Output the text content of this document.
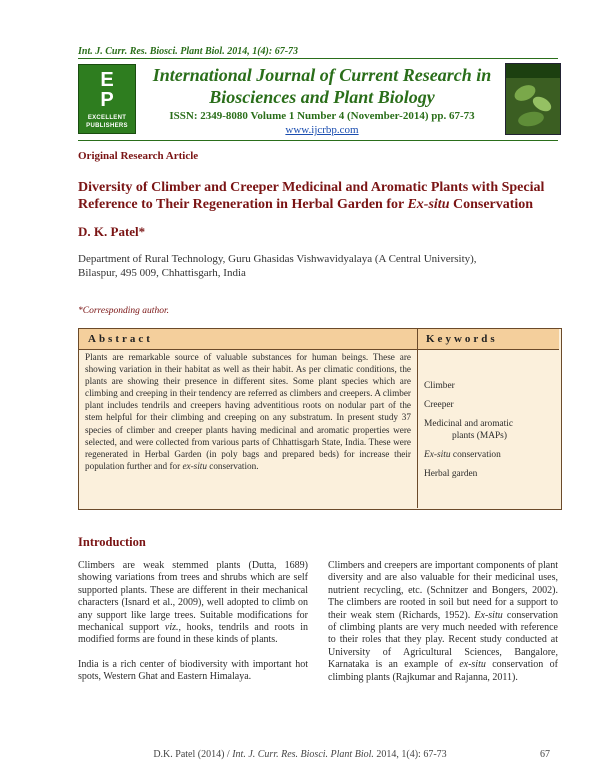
Int. J. Curr. Res. Biosci. Plant Biol. 2014, 1(4): 67-73
E
P
EXCELLENT
PUBLISHERS
International Journal of Current Research in
Biosciences and Plant Biology
ISSN: 2349-8080 Volume 1 Number 4 (November-2014) pp. 67-73
www.ijcrbp.com
Original Research Article
Diversity of Climber and Creeper Medicinal and Aromatic Plants with Special Reference to Their Regeneration in Herbal Garden for Ex-situ Conservation
D. K. Patel*
Department of Rural Technology, Guru Ghasidas Vishwavidyalaya (A Central University),
Bilaspur, 495 009, Chhattisgarh, India
*Corresponding author.
Abstract	Keywords
Plants are remarkable source of valuable substances for human beings. These are showing variation in their habitat as well as their habit. As per climatic conditions, the plants are showing their presence in different sites. Some plant species which are climbing and creeping in their tendency are referred as climbers and creepers. A climber plant includes tendrils and creepers having adventitious roots on nodular part of the stem helpful for their climbing and creeping on any substratum. In present study 37 species of climber and creeper plants having medicinal and aromatic properties were selected, and were collected from various parts of Chhattisgarh State, India. These were regenerated in Herbal Garden (in poly bags and prepared beds) for increase their population further and for ex-situ conservation.
Climber
Creeper
Medicinal and aromatic
plants (MAPs)
Ex-situ conservation
Herbal garden
Introduction
Climbers are weak stemmed plants (Dutta, 1689) showing variations from trees and shrubs which are self supported plants. These are different in their mechanical characters (Isnard et al., 2009), well adopted to climb on any support like large trees. Suitable modifications for mechanical support viz., hooks, tendrils and roots in modified forms are found in these kinds of plants.
India is a rich center of biodiversity with important hot spots, Western Ghat and Eastern Himalaya.
Climbers and creepers are important components of plant diversity and are also valuable for their medicinal uses, nutrient recycling, etc. (Schnitzer and Bongers, 2002). The climbers are rooted in soil but need for a support to their weak stem (Richards, 1952). Ex-situ conservation of climbing plants are very much needed with reference to their roles that they play. Recent study conducted at University of Agricultural Sciences, Bangalore, Karnataka is an example of ex-situ conservation of climbing plants (Rajkumar and Rajanna, 2011).
D.K. Patel (2014) / Int. J. Curr. Res. Biosci. Plant Biol. 2014, 1(4): 67-73	67
